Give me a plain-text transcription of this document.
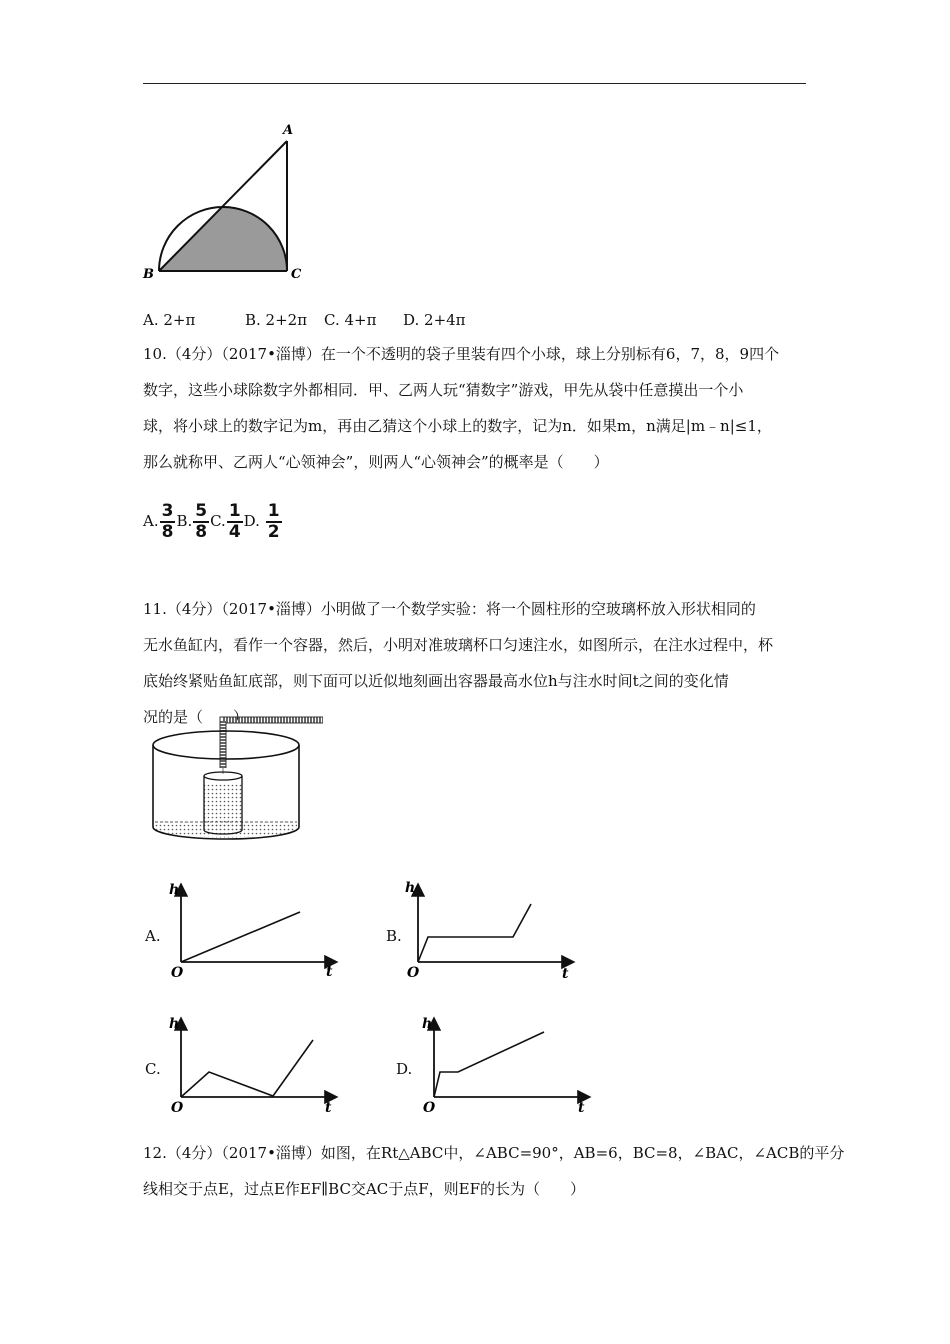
A
B	C
A. 2+π	B. 2+2π C. 4+π D. 2+4π
10.（4分）（2017•淄博）在一个不透明的袋子里装有四个小球，球上分别标有6，7，8，9四个
数字，这些小球除数字外都相同．甲、乙两人玩“猜数字”游戏，甲先从袋中任意摸出一个小
球，将小球上的数字记为m，再由乙猜这个小球上的数字，记为n．如果m，n满足|m﹣n|≤1，
那么就称甲、乙两人“心领神会”，则两人“心领神会”的概率是（　　）
A. $\frac{3}{8} B$. $\frac{5}{8} C$. $\frac{1}{4} D$. $\frac{1}{2}$
11.（4分）（2017•淄博）小明做了一个数学实验：将一个圆柱形的空玻璃杯放入形状相同的
无水鱼缸内，看作一个容器，然后，小明对准玻璃杯口匀速注水，如图所示，在注水过程中，杯
底始终紧贴鱼缸底部，则下面可以近似地刻画出容器最高水位h与注水时间t之间的变化情
况的是（　　）
A.	B.
C.	D.
h
t
O
h
t
O
h
t
O
h
t
O
12.（4分）（2017•淄博）如图，在Rt△ABC中，∠ABC=90°，AB=6，BC=8，∠BAC，∠ACB的平分
线相交于点E，过点E作EF∥BC交AC于点F，则EF的长为（　　）
